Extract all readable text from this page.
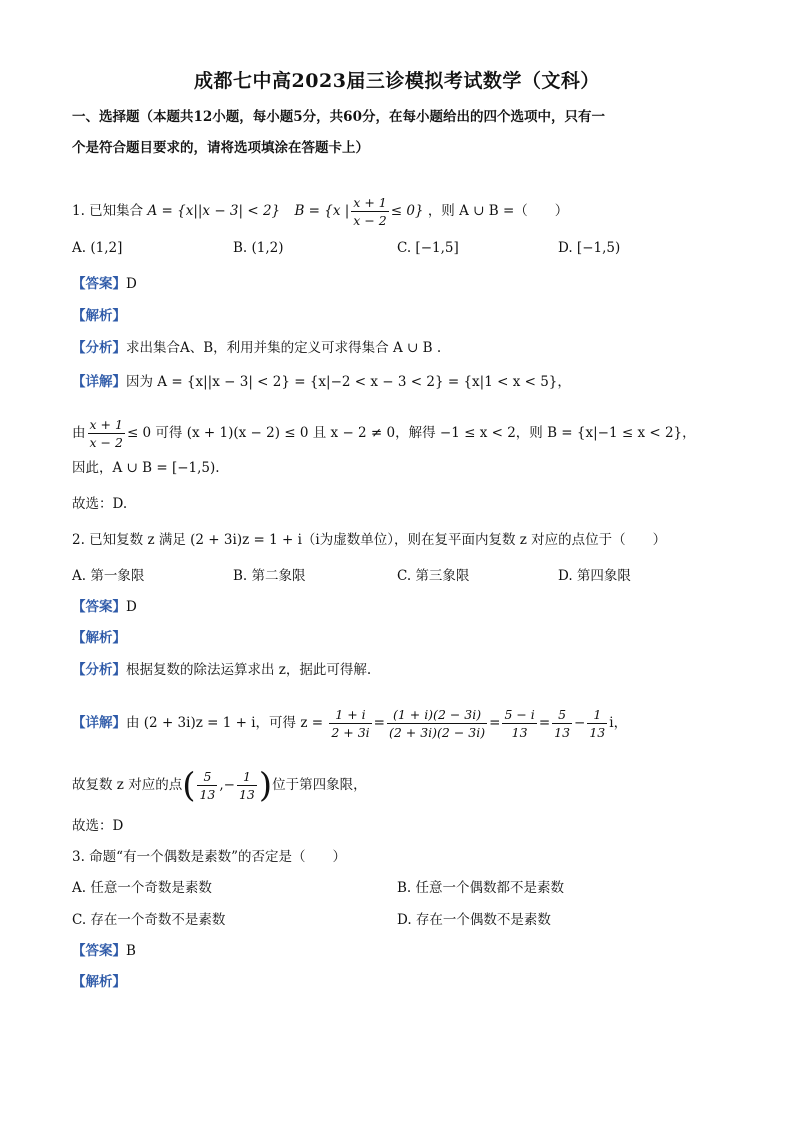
成都七中高2023届三诊模拟考试数学（文科）
一、选择题（本题共12小题，每小题5分，共60分，在每小题给出的四个选项中，只有一
个是符合题目要求的，请将选项填涂在答题卡上）
1. 已知集合 A = {x||x − 3| < 2} B = {x | $\frac{x + 1}{x - 2} \le 0$} ，则 A ∪ B =（　　）
A. (1,2]	B. (1,2)	C. [−1,5]	D. [−1,5)
【答案】D
【解析】
【分析】求出集合A、B，利用并集的定义可求得集合 A ∪ B .
【详解】因为 A = {x||x − 3| < 2} = {x|−2 < x − 3 < 2} = {x|1 < x < 5}，
由 $\frac{x + 1}{x - 2} \le 0$ 可得 (x + 1)(x − 2) ≤ 0 且 x − 2 ≠ 0，解得 −1 ≤ x < 2，则 B = {x|−1 ≤ x < 2}，
因此，A ∪ B = [−1,5).
故选：D.
2. 已知复数 z 满足 (2 + 3i)z = 1 + i（i为虚数单位），则在复平面内复数 z 对应的点位于（　　）
A. 第一象限	B. 第二象限	C. 第三象限	D. 第四象限
【答案】D
【解析】
【分析】根据复数的除法运算求出 z，据此可得解.
【详解】由 (2 + 3i)z = 1 + i，可得 $z = \frac{1 + i}{2 + 3i} = \frac{(1 + i)(2 - 3i)}{(2 + 3i)(2 - 3i)} = \frac{5 - i}{13} = \frac{5}{13} - \frac{1}{13}$ i，
故复数 z 对应的点( $\frac{5}{13}$ ,− $\frac{1}{13}$ )位于第四象限，
故选：D
3. 命题“有一个偶数是素数”的否定是（　　）
A. 任意一个奇数是素数	B. 任意一个偶数都不是素数
C. 存在一个奇数不是素数	D. 存在一个偶数不是素数
【答案】B
【解析】
